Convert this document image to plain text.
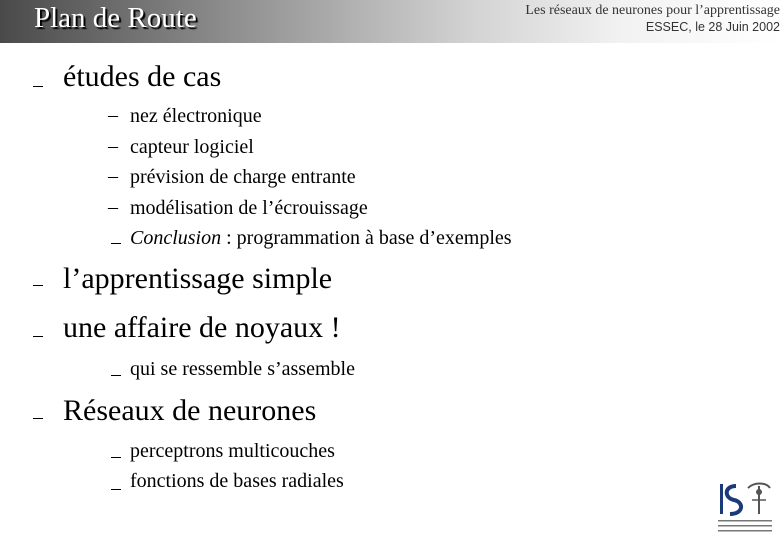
Plan de Route	Les réseaux de neurones pour l’apprentissage
ESSEC, le 28 Juin 2002
études de cas
– nez électronique
– capteur logiciel
– prévision de charge entrante
– modélisation de l’écrouissage
Conclusion : programmation à base d’exemples
l’apprentissage simple
une affaire de noyaux !
qui se ressemble s’assemble
Réseaux de neurones
perceptrons multicouches
fonctions de bases radiales
